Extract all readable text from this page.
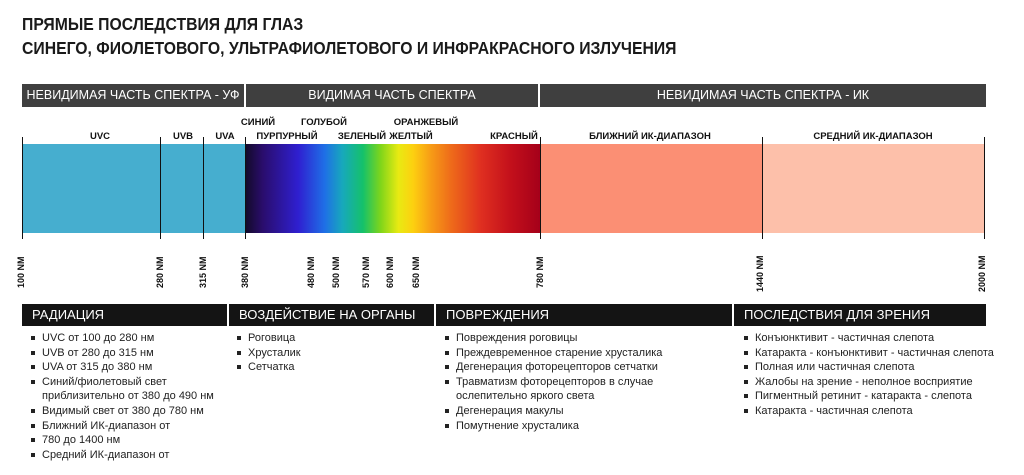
ПРЯМЫЕ ПОСЛЕДСТВИЯ ДЛЯ ГЛАЗ
СИНЕГО, ФИОЛЕТОВОГО, УЛЬТРАФИОЛЕТОВОГО И ИНФРАКРАСНОГО ИЗЛУЧЕНИЯ
НЕВИДИМАЯ ЧАСТЬ СПЕКТРА - УФ	ВИДИМАЯ ЧАСТЬ СПЕКТРА	НЕВИДИМАЯ ЧАСТЬ СПЕКТРА - ИК
UVC	UVB	UVA
СИНИЙ
ПУРПУРНЫЙ
ГОЛУБОЙ
ЗЕЛЕНЫЙ
ОРАНЖЕВЫЙ
ЖЕЛТЫЙ	КРАСНЫЙ	БЛИЖНИЙ ИК-ДИАПАЗОН	СРЕДНИЙ ИК-ДИАПАЗОН
100 NM	280 NM	315 NM	380 NM	480 NM 500 NM 570 NM 600 NM 650 NM	780 NM	1440 NM	2000 NM
РАДИАЦИЯ	ВОЗДЕЙСТВИЕ НА ОРГАНЫ	ПОВРЕЖДЕНИЯ	ПОСЛЕДСТВИЯ ДЛЯ ЗРЕНИЯ
UVC от 100 до 280 нм
UVB от 280 до 315 нм
UVA от 315 до 380 нм
Синий/фиолетовый свет
приблизительно от 380 до 490 нм
Видимый свет от 380 до 780 нм
Ближний ИК-диапазон от
780 до 1400 нм
Средний ИК-диапазон от
Роговица
Хрусталик
Сетчатка
Повреждения роговицы
Преждевременное старение хрусталика
Дегенерация фоторецепторов сетчатки
Травматизм фоторецепторов в случае
ослепительно яркого света
Дегенерация макулы
Помутнение хрусталика
Конъюнктивит - частичная слепота
Катаракта - конъюнктивит - частичная слепота
Полная или частичная слепота
Жалобы на зрение - неполное восприятие
Пигментный ретинит - катаракта - слепота
Катаракта - частичная слепота
